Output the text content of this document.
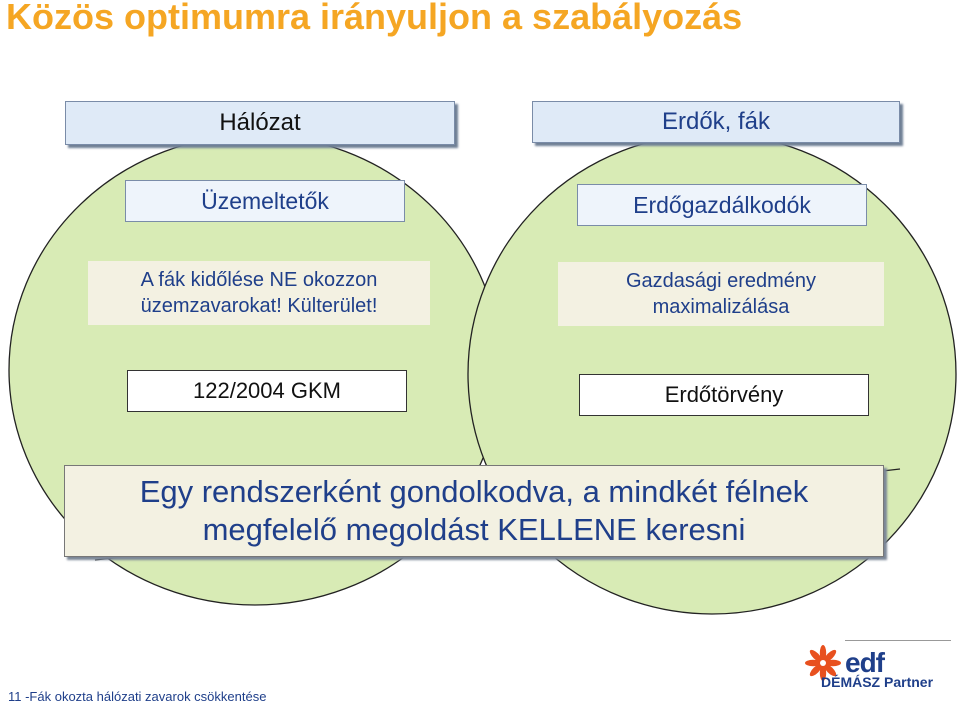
Közös optimumra irányuljon a szabályozás
Hálózat
Üzemeltetők
A fák kidőlése NE okozzon
üzemzavarokat! Külterület!
122/2004 GKM
Erdők, fák
Erdőgazdálkodók
Gazdasági eredmény
maximalizálása
Erdőtörvény
Egy rendszerként gondolkodva, a mindkét félnek
megfelelő megoldást KELLENE keresni
11 -Fák okozta hálózati zavarok csökkentése
edf
DÉMÁSZ Partner
